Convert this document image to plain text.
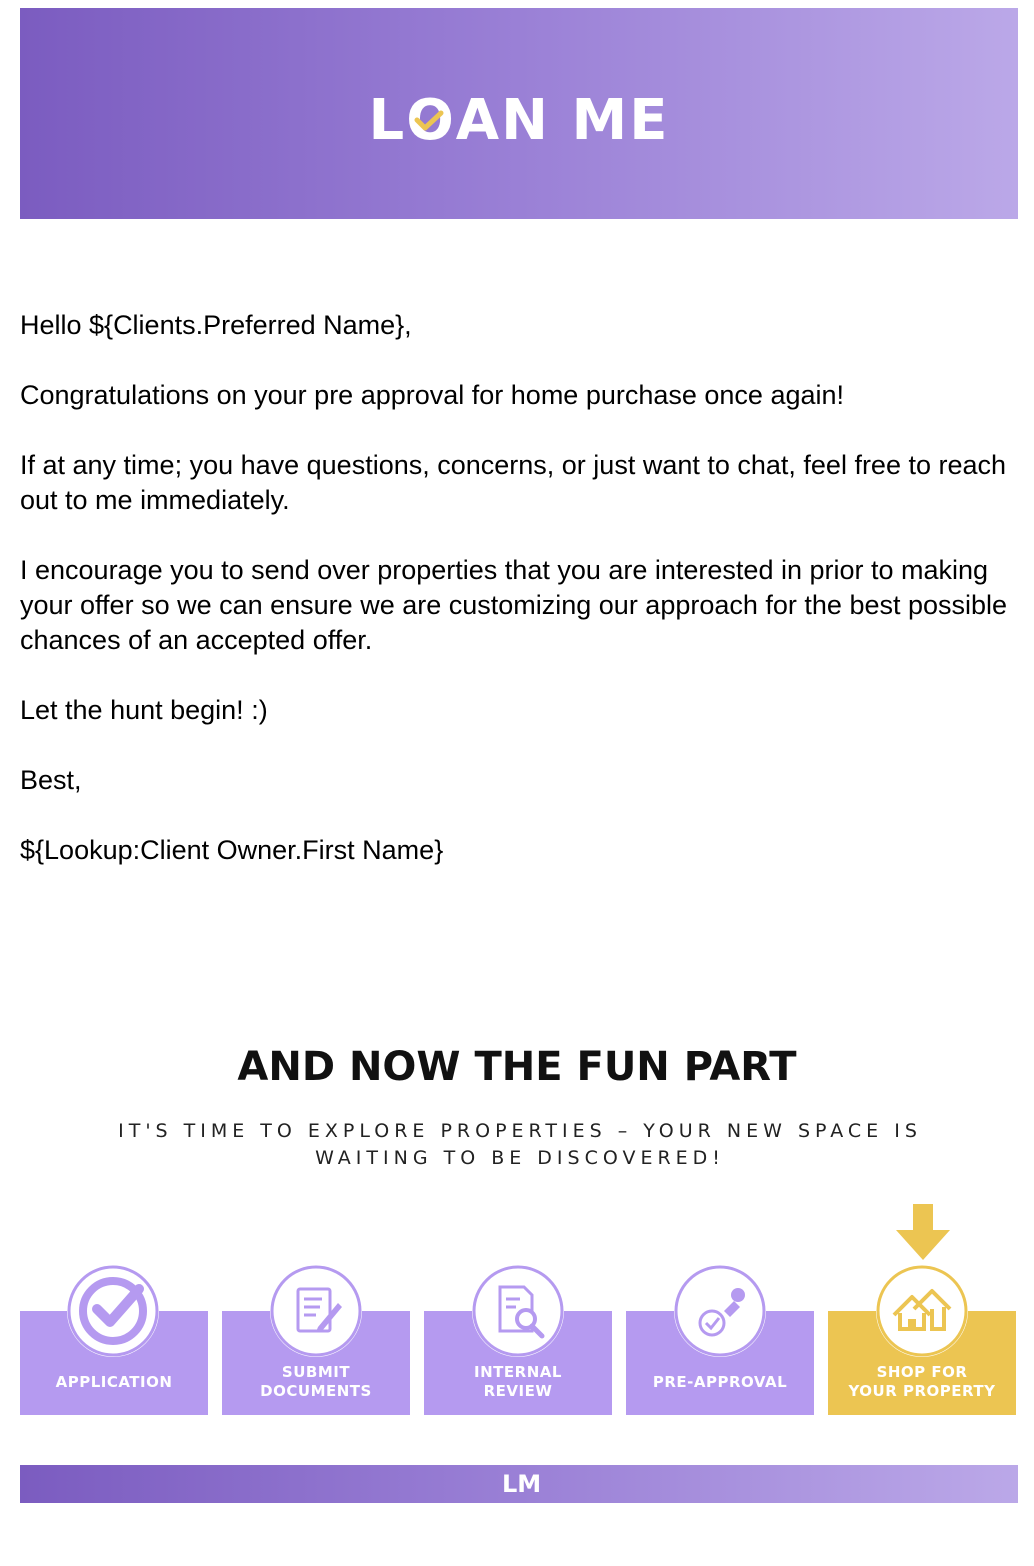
LO
AN ME

Hello ${Clients.Preferred Name},

Congratulations on your pre approval for home purchase once again!

If at any time; you have questions, concerns, or just want to chat, feel free to reach out to me immediately.

I encourage you to send over properties that you are interested in prior to making your offer so we can ensure we are customizing our approach for the best possible chances of an accepted offer.

Let the hunt begin! :)

Best,

${Lookup:Client Owner.First Name}

AND NOW THE FUN PART
IT'S TIME TO EXPLORE PROPERTIES – YOUR NEW SPACE IS WAITING TO BE DISCOVERED!
APPLICATION
SUBMIT
DOCUMENTS
INTERNAL
REVIEW	PRE-APPROVAL
SHOP FOR
YOUR PROPERTY
LM
